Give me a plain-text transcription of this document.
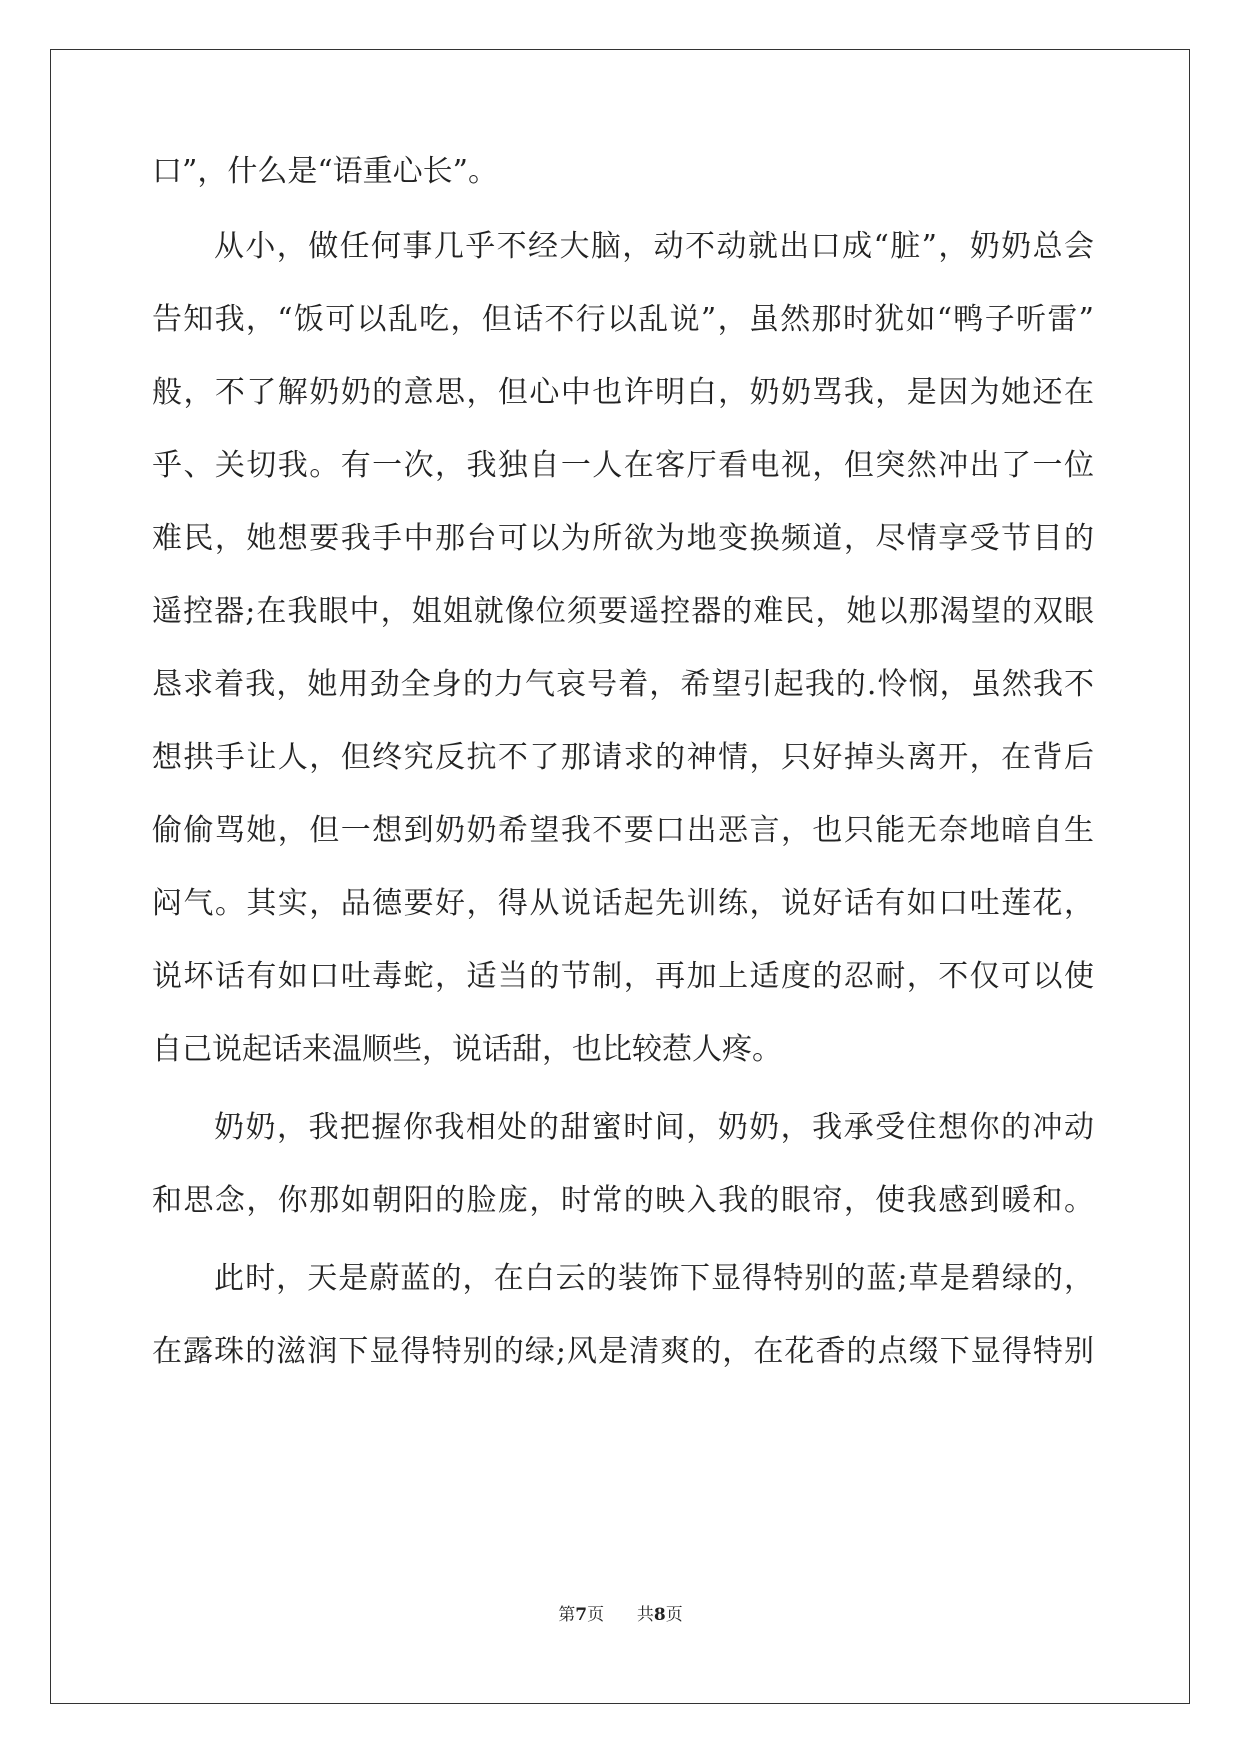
口”，什么是“语重心长”。
从小，做任何事几乎不经大脑，动不动就出口成“脏”，奶奶总会
告知我，“饭可以乱吃，但话不行以乱说”，虽然那时犹如“鸭子听雷”
般，不了解奶奶的意思，但心中也许明白，奶奶骂我，是因为她还在
乎、关切我。有一次，我独自一人在客厅看电视，但突然冲出了一位
难民，她想要我手中那台可以为所欲为地变换频道，尽情享受节目的
遥控器;在我眼中，姐姐就像位须要遥控器的难民，她以那渴望的双眼
恳求着我，她用劲全身的力气哀号着，希望引起我的.怜悯，虽然我不
想拱手让人，但终究反抗不了那请求的神情，只好掉头离开，在背后
偷偷骂她，但一想到奶奶希望我不要口出恶言，也只能无奈地暗自生
闷气。其实，品德要好，得从说话起先训练，说好话有如口吐莲花，
说坏话有如口吐毒蛇，适当的节制，再加上适度的忍耐，不仅可以使
自己说起话来温顺些，说话甜，也比较惹人疼。
奶奶，我把握你我相处的甜蜜时间，奶奶，我承受住想你的冲动
和思念，你那如朝阳的脸庞，时常的映入我的眼帘，使我感到暖和。
此时，天是蔚蓝的，在白云的装饰下显得特别的蓝;草是碧绿的，
在露珠的滋润下显得特别的绿;风是清爽的，在花香的点缀下显得特别
第7页 共8页
